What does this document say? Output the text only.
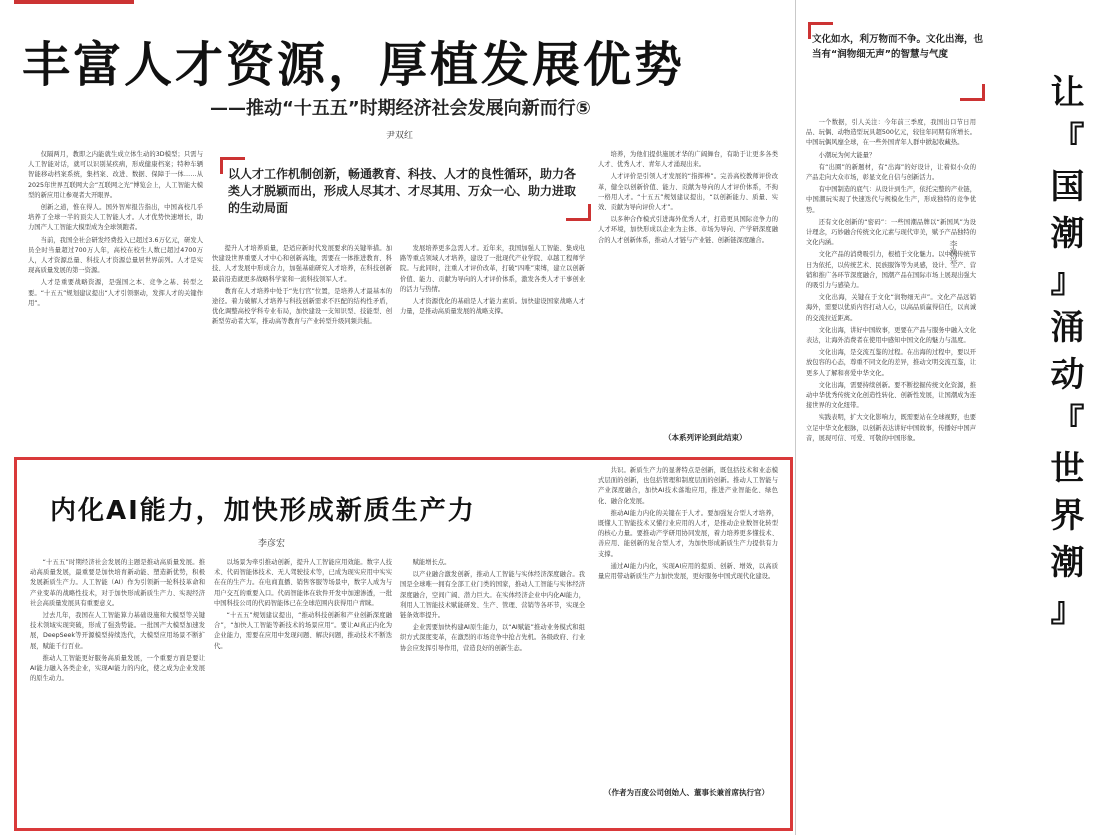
丰富人才资源，厚植发展优势
——推动“十五五”时期经济社会发展向新而行⑤
尹双红
以人才工作机制创新，畅通教育、科技、人才的良性循环，助力各类人才脱颖而出，形成人尽其才、才尽其用、万众一心、助力进取的生动局面

仅隔两月，教即之内能就生成立体生动的3D模型；只需与人工智能对话，就可以识别某疾病，形成健康档案；特种车辆智能移动档案系统，集档案、改进、数据、保障于一体……从2025年世界互联网大会“互联网之光”博览会上，人工智能大模型的新应用让参观者大开眼界。

创新之道，惟在得人。国外智库报告指出，中国高校几乎培养了全球一半的顶尖人工智能人才。人才优势快速增长，助力国产人工智能大模型成为全球领跑者。

当前，我国全社会研发经费投入已超过3.6万亿元，研发人员全时当量超过700万人年，高校在校生人数已超过4700万人，人才资源总量、科技人才资源总量居世界前列。人才是实现高质量发展的第一资源。

人才是重要战略资源，是强国之本、竞争之基、转型之要。“十五五”规划建议提出“人才引领驱动，发挥人才的关键作用”。

提升人才培养质量，是适应新时代发展要求的关键举措。加快建设世界重要人才中心和创新高地，需要在一体推进教育、科技、人才发展中形成合力，加强基础研究人才培养，在科技创新最前沿造就更多战略科学家和一流科技领军人才。

教育在人才培养中处于“先行官”位置，是培养人才最基本的途径。着力破解人才培养与科技创新需求不匹配的结构性矛盾，优化调整高校学科专业布局，加快建设一支知识型、技能型、创新型劳动者大军，推动高等教育与产业转型升级同频共振。

发展培养更多急需人才。近年来，我国加强人工智能、集成电路等重点领域人才培养，建设了一批现代产业学院、卓越工程师学院。与此同时，注重人才评价改革，打破“四唯”束缚，建立以创新价值、能力、贡献为导向的人才评价体系，激发各类人才干事创业的活力与热情。

人才资源优化的基础是人才能力素质。加快建设国家战略人才力量，是推动高质量发展的战略支撑。

培养，为他们提供施展才华的广阔舞台，有助于让更多各类人才、优秀人才、青年人才涌现出来。

人才评价是引领人才发展的“指挥棒”。完善高校教师评价改革，健全以创新价值、能力、贡献为导向的人才评价体系，不拘一格用人才。“十五五”规划建议提出，“以创新能力、质量、实效、贡献为导向评价人才”。

以多种合作模式引进海外优秀人才，打造更具国际竞争力的人才环境，加快形成以企业为主体、市场为导向、产学研深度融合的人才创新体系，推动人才链与产业链、创新链深度融合。

（本系列评论到此结束）
内化AI能力，加快形成新质生产力
李彦宏

“十五五”时期经济社会发展的主题是推动高质量发展。推动高质量发展，最重要是加快培育新动能、塑造新优势，积极发展新质生产力。人工智能（AI）作为引领新一轮科技革命和产业变革的战略性技术，对于加快形成新质生产力、实现经济社会高质量发展具有重要意义。

过去几年，我国在人工智能算力基础设施和大模型等关键技术领域实现突破，形成了强劲势能。一批国产大模型加速发展，DeepSeek等开源模型持续迭代，大模型应用场景不断扩展，赋能千行百业。

推动人工智能更好服务高质量发展，一个重要方面是要让AI能力融入各类企业，实现AI能力的内化，使之成为企业发展的原生动力。

以场景为牵引推动创新，提升人工智能应用效能。数字人技术、代码智能体技术、无人驾驶技术等，已成为现实应用中实实在在的生产力。在电商直播、销售客服等场景中，数字人成为与用户交互的重要入口。代码智能体在软件开发中加速渗透，一批中国科技公司的代码智能体已在全球范围内获得用户青睐。

“十五五”规划建议提出，“推动科技创新和产业创新深度融合”，“加快人工智能等新技术的场景应用”。要让AI真正内化为企业能力，需要在应用中发现问题、解决问题，推动技术不断迭代。

赋能增长点。

以产业融合激发创新，推动人工智能与实体经济深度融合。我国是全球唯一拥有全部工业门类的国家，推动人工智能与实体经济深度融合，空间广阔、潜力巨大。在实体经济企业中内化AI能力，利用人工智能技术赋能研发、生产、管理、营销等各环节，实现全链条效率提升。

企业需要加快构建AI原生能力，以“AI赋能”推动业务模式和组织方式深度变革，在激烈的市场竞争中抢占先机。各级政府、行业协会应发挥引导作用，营造良好的创新生态。

共识。新质生产力的显著特点是创新，既包括技术和业态模式层面的创新，也包括管理和制度层面的创新。推动人工智能与产业深度融合，加快AI技术落地应用，推进产业智能化、绿色化、融合化发展。

推动AI能力内化的关键在于人才。要加强复合型人才培养，既懂人工智能技术又懂行业应用的人才，是推动企业数智化转型的核心力量。要推动产学研用协同发展，着力培养更多懂技术、善应用、能创新的复合型人才，为加快形成新质生产力提供有力支撑。

通过AI能力内化，实现AI应用的提质、创新、增效，以高质量应用带动新质生产力加快发展，更好服务中国式现代化建设。

（作者为百度公司创始人、董事长兼首席执行官）
文化如水，利万物而不争。文化出海，也当有“润物细无声”的智慧与气度
让
『
国
潮
』
涌
动
『
世
界
潮
』
李涣兴

一个数据，引人关注：今年前三季度，我国出口节日用品、玩偶、动物造型玩具超500亿元，较往年同期有所增长。中国玩偶风靡全球，在一些外国青年人群中掀起收藏热。

小潮玩为何大能量？

有“出圈”的新题材，有“出海”的好设计，让着似小众的产品走向大众市场，彰显文化自信与创新活力。

有中国制造的底气：从设计到生产，依托完整的产业链，中国潮玩实现了快速迭代与规模化生产，形成独特的竞争优势。

还有文化创新的“密码”：一些国潮品牌以“新国风”为设计理念，巧妙融合传统文化元素与现代审美，赋予产品独特的文化内涵。

文化产品的消费吸引力，根植于文化魅力。以中国传统节日为依托，以传统艺术、民族服饰等为灵感，设计、生产、营销和推广各环节深度融合，国潮产品在国际市场上展现出强大的吸引力与感染力。

文化出海，关键在于文化“润物细无声”。文化产品远销海外，需要以优质内容打动人心，以高品质赢得信任，以真诚的交流拉近距离。

文化出海，讲好中国故事，更要在产品与服务中融入文化表达，让海外消费者在使用中感知中国文化的魅力与温度。

文化出海，是交流互鉴的过程。在出海的过程中，要以开放包容的心态，尊重不同文化的差异，推动文明交流互鉴，让更多人了解和喜爱中华文化。

文化出海，需要持续创新。要不断挖掘传统文化资源，推动中华优秀传统文化创造性转化、创新性发展，让国潮成为连接世界的文化纽带。

实践表明，扩大文化影响力，既需要站在全球视野，也要立足中华文化根脉，以创新表达讲好中国故事，传播好中国声音，展现可信、可爱、可敬的中国形象。
